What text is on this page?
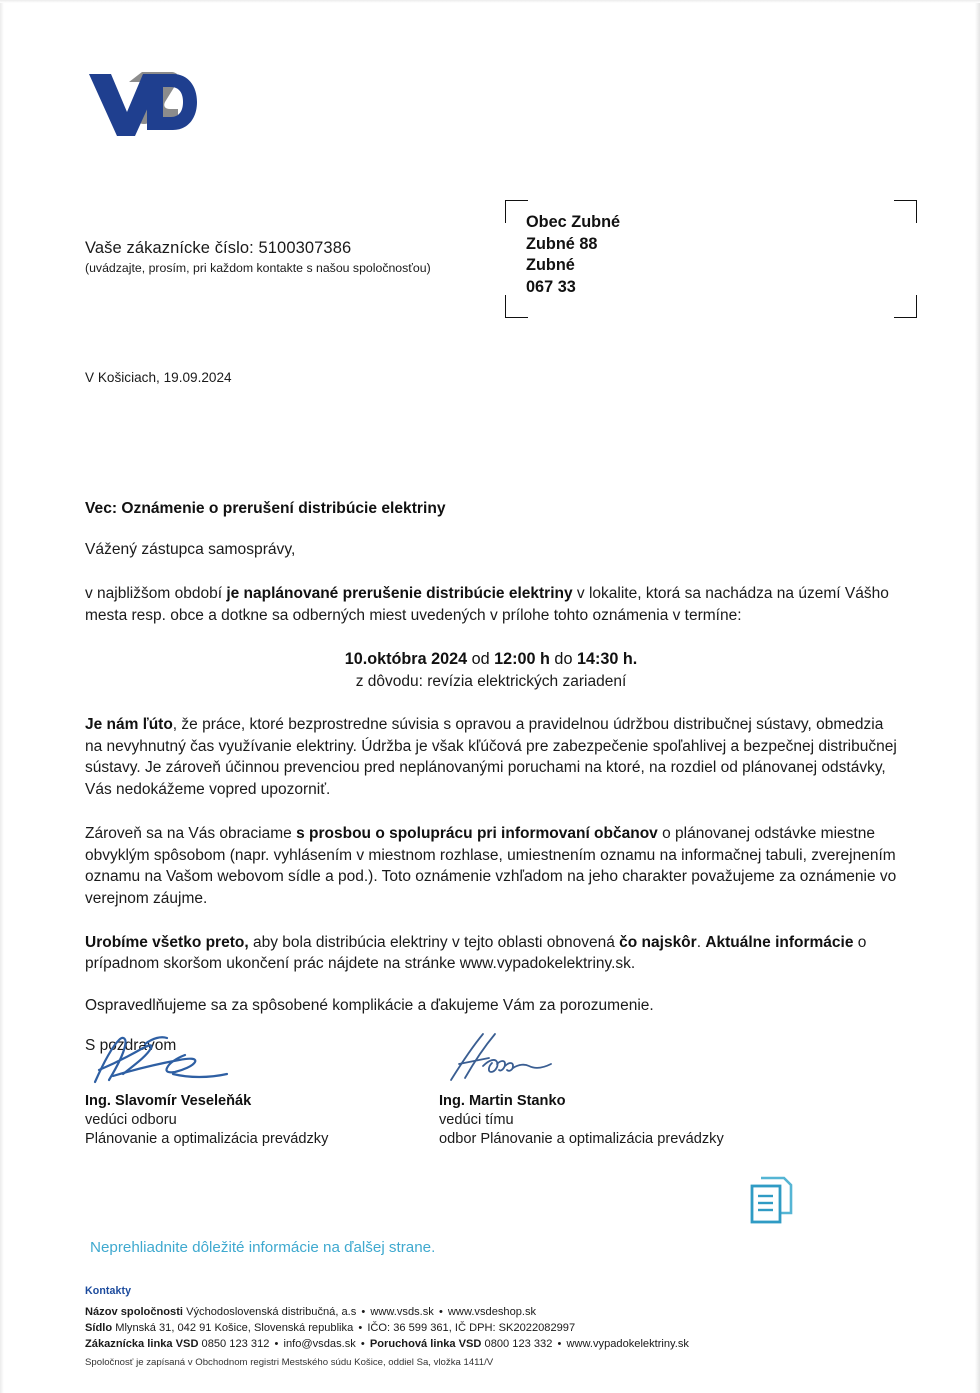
Vaše zákaznícke číslo: 5100307386
(uvádzajte, prosím, pri každom kontakte s našou spoločnosťou)
Obec Zubné
Zubné 88
Zubné
067 33
V Košiciach, 19.09.2024
Vec: Oznámenie o prerušení distribúcie elektriny
Vážený zástupca samosprávy,

v najbližšom období je naplánované prerušenie distribúcie elektriny v lokalite, ktorá sa nachádza na území Vášho mesta resp. obce a dotkne sa odberných miest uvedených v prílohe tohto oznámenia v termíne:

10.októbra 2024 od 12:00 h do 14:30 h.
z dôvodu: revízia elektrických zariadení

Je nám ľúto, že práce, ktoré bezprostredne súvisia s opravou a pravidelnou údržbou distribučnej sústavy, obmedzia na nevyhnutný čas využívanie elektriny. Údržba je však kľúčová pre zabezpečenie spoľahlivej a bezpečnej distribučnej sústavy. Je zároveň účinnou prevenciou pred neplánovanými poruchami na ktoré, na rozdiel od plánovanej odstávky, Vás nedokážeme vopred upozorniť.

Zároveň sa na Vás obraciame s prosbou o spoluprácu pri informovaní občanov o plánovanej odstávke miestne obvyklým spôsobom (napr. vyhlásením v miestnom rozhlase, umiestnením oznamu na informačnej tabuli, zverejnením oznamu na Vašom webovom sídle a pod.). Toto oznámenie vzhľadom na jeho charakter považujeme za oznámenie vo verejnom záujme.

Urobíme všetko preto, aby bola distribúcia elektriny v tejto oblasti obnovená čo najskôr. Aktuálne informácie o prípadnom skoršom ukončení prác nájdete na stránke www.vypadokelektriny.sk.

Ospravedlňujeme sa za spôsobené komplikácie a ďakujeme Vám za porozumenie.
S pozdravom
Ing. Slavomír Veseleňák
vedúci odboru
Plánovanie a optimalizácia prevádzky
Ing. Martin Stanko
vedúci tímu
odbor Plánovanie a optimalizácia prevádzky
Neprehliadnite dôležité informácie na ďalšej strane.
Kontakty
Názov spoločnosti Východoslovenská distribučná, a.s • www.vsds.sk • www.vsdeshop.sk
Sídlo Mlynská 31, 042 91 Košice, Slovenská republika • IČO: 36 599 361, IČ DPH: SK2022082997
Zákaznícka linka VSD 0850 123 312 • info@vsdas.sk • Poruchová linka VSD 0800 123 332 • www.vypadokelektriny.sk
Spoločnosť je zapísaná v Obchodnom registri Mestského súdu Košice, oddiel Sa, vložka 1411/V
